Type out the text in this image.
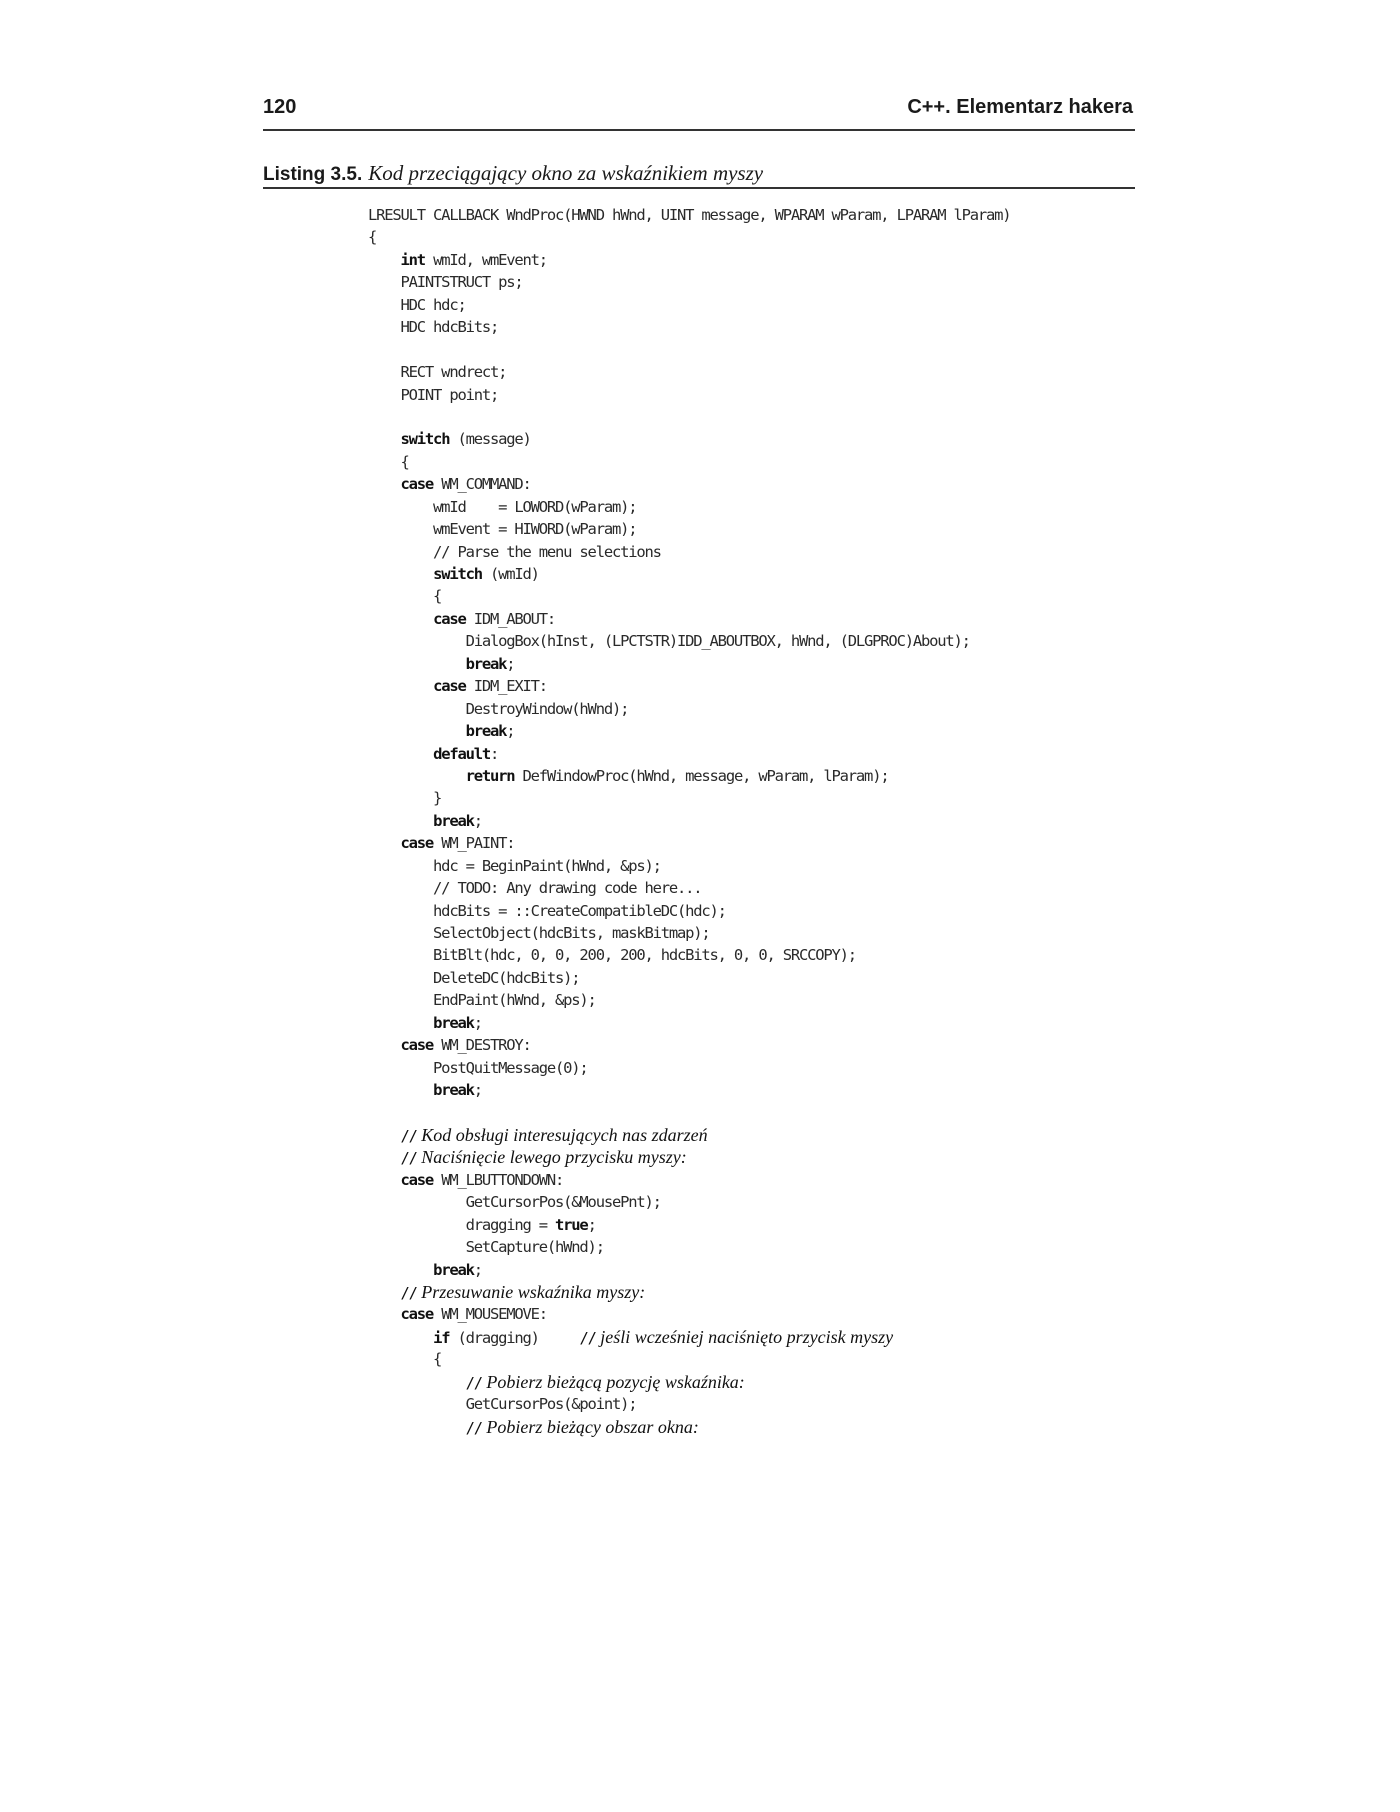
120	C++. Elementarz hakera
Listing 3.5. Kod przeciągający okno za wskaźnikiem myszy
LRESULT CALLBACK WndProc(HWND hWnd, UINT message, WPARAM wParam, LPARAM lParam)
{
int wmId, wmEvent;
PAINTSTRUCT ps;
HDC hdc;
HDC hdcBits;
RECT wndrect;
POINT point;
switch (message)
{
case WM_COMMAND:
wmId    = LOWORD(wParam);
wmEvent = HIWORD(wParam);
// Parse the menu selections
switch (wmId)
{
case IDM_ABOUT:
DialogBox(hInst, (LPCTSTR)IDD_ABOUTBOX, hWnd, (DLGPROC)About);
break;
case IDM_EXIT:
DestroyWindow(hWnd);
break;
default:
return DefWindowProc(hWnd, message, wParam, lParam);
}
break;
case WM_PAINT:
hdc = BeginPaint(hWnd, &ps);
// TODO: Any drawing code here...
hdcBits = ::CreateCompatibleDC(hdc);
SelectObject(hdcBits, maskBitmap);
BitBlt(hdc, 0, 0, 200, 200, hdcBits, 0, 0, SRCCOPY);
DeleteDC(hdcBits);
EndPaint(hWnd, &ps);
break;
case WM_DESTROY:
PostQuitMessage(0);
break;
// Kod obsługi interesujących nas zdarzeń
// Naciśnięcie lewego przycisku myszy:
case WM_LBUTTONDOWN:
GetCursorPos(&MousePnt);
dragging = true;
SetCapture(hWnd);
break;
// Przesuwanie wskaźnika myszy:
case WM_MOUSEMOVE:
if (dragging)     // jeśli wcześniej naciśnięto przycisk myszy
{
// Pobierz bieżącą pozycję wskaźnika:
GetCursorPos(&point);
// Pobierz bieżący obszar okna:
